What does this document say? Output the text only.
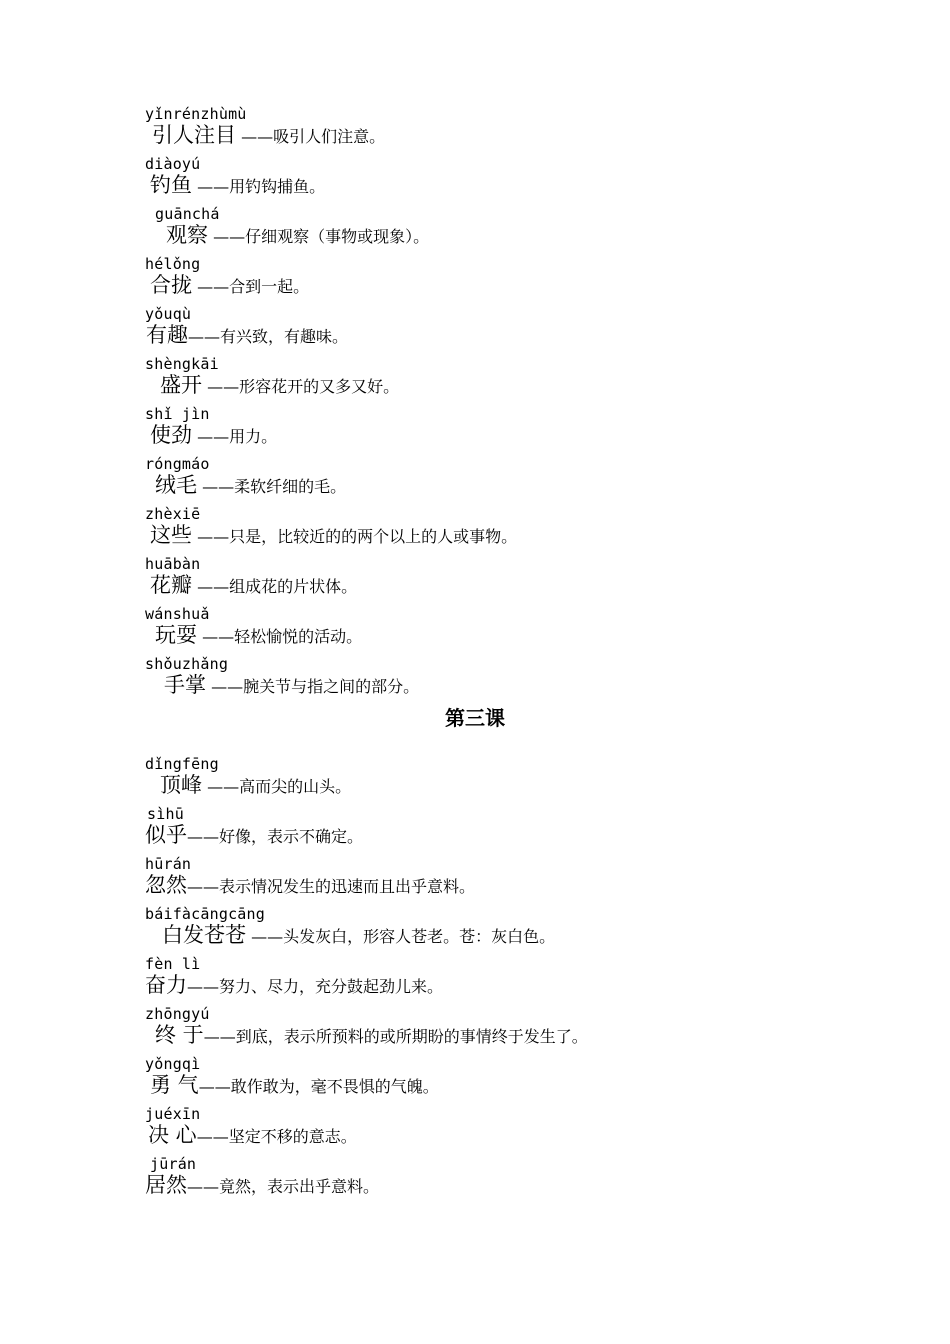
yǐnrénzhùmù
引人注目 ——吸引人们注意。
diàoyú
钓鱼 ——用钓钩捕鱼。
guānchá
观察 ——仔细观察（事物或现象）。
hélǒng
合拢 ——合到一起。
yǒuqù
有趣——有兴致，有趣味。
shèngkāi
盛开 ——形容花开的又多又好。
shǐ jìn
使劲 ——用力。
róngmáo
绒毛 ——柔软纤细的毛。
zhèxiē
这些 ——只是，比较近的的两个以上的人或事物。
huābàn
花瓣 ——组成花的片状体。
wánshuǎ
玩耍 ——轻松愉悦的活动。
shǒuzhǎng
手掌 ——腕关节与指之间的部分。
第三课
dǐngfēng
顶峰 ——高而尖的山头。
sìhū
似乎——好像，表示不确定。
hūrán
忽然——表示情况发生的迅速而且出乎意料。
báifàcāngcāng
白发苍苍 ——头发灰白，形容人苍老。苍：灰白色。
fèn lì
奋力——努力、尽力，充分鼓起劲儿来。
zhōngyú
终 于——到底，表示所预料的或所期盼的事情终于发生了。
yǒngqì
勇 气——敢作敢为，毫不畏惧的气魄。
juéxīn
决 心——坚定不移的意志。
jūrán
居然——竟然，表示出乎意料。
